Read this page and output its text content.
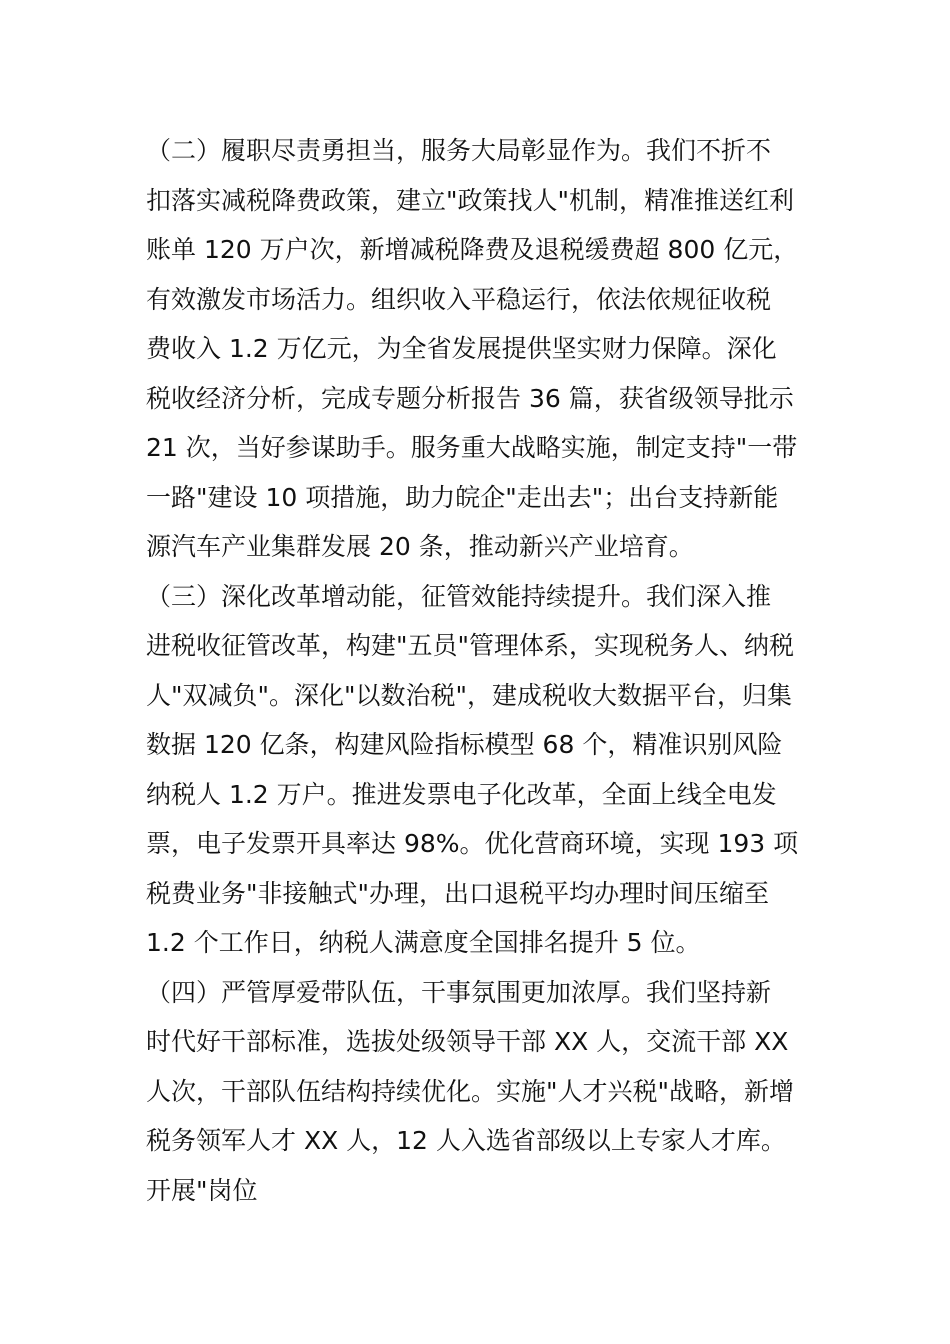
（二）履职尽责勇担当，服务大局彰显作为。我们不折不
扣落实减税降费政策，建立"政策找人"机制，精准推送红利
账单 120 万户次，新增减税降费及退税缓费超 800 亿元，
有效激发市场活力。组织收入平稳运行，依法依规征收税
费收入 1.2 万亿元，为全省发展提供坚实财力保障。深化
税收经济分析，完成专题分析报告 36 篇，获省级领导批示
21 次，当好参谋助手。服务重大战略实施，制定支持"一带
一路"建设 10 项措施，助力皖企"走出去"；出台支持新能
源汽车产业集群发展 20 条，推动新兴产业培育。
（三）深化改革增动能，征管效能持续提升。我们深入推
进税收征管改革，构建"五员"管理体系，实现税务人、纳税
人"双减负"。深化"以数治税"，建成税收大数据平台，归集
数据 120 亿条，构建风险指标模型 68 个，精准识别风险
纳税人 1.2 万户。推进发票电子化改革，全面上线全电发
票，电子发票开具率达 98%。优化营商环境，实现 193 项
税费业务"非接触式"办理，出口退税平均办理时间压缩至
1.2 个工作日，纳税人满意度全国排名提升 5 位。
（四）严管厚爱带队伍，干事氛围更加浓厚。我们坚持新
时代好干部标准，选拔处级领导干部 XX 人，交流干部 XX
人次，干部队伍结构持续优化。实施"人才兴税"战略，新增
税务领军人才 XX 人，12 人入选省部级以上专家人才库。
开展"岗位
